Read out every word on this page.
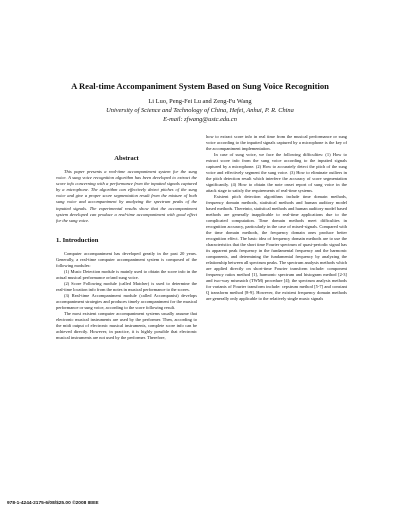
A Real-time Accompaniment System Based on Sung Voice Recognition
Li Luo, Peng-Fei Lu and Zeng-Fu Wang
University of Science and Technology of China, Hefei, Anhui, P. R. China
E-mail: zfwang@ustc.edu.cn
Abstract

This paper presents a real-time accompaniment system for the sung voice. A sung voice recognition algorithm has been developed to extract the score info concerning with a performance from the inputted signals captured by a microphone. The algorithm can effectively detect pitches of the sung voice and give a proper score segmentation result from the mixture of both sung voice and accompaniment by analyzing the spectrum peaks of the inputted signals. The experimental results show that the accompaniment system developed can produce a real-time accompaniment with good effect for the sung voice.

1. Introduction

Computer accompaniment has developed greatly in the past 20 years. Generally, a real-time computer accompaniment system is composed of the following modules:

(1) Music Detection module is mainly used to obtain the score info in the actual musical performance or/and sung voice.

(2) Score Following module (called Matcher) is used to determine the real-time location info from the notes in musical performance to the scores.

(3) Real-time Accompaniment module (called Accompanist) develops accompaniment strategies and produces timely accompaniment for the musical performance or sung voice, according to the score following result.

The most existent computer accompaniment systems usually assume that electronic musical instruments are used by the performer. Then, according to the midi output of electronic musical instruments, complete score info can be achieved directly. However, in practice, it is highly possible that electronic musical instruments are not used by the performer. Therefore,

how to extract score info in real time from the musical performance or sung voice according to the inputted signals captured by a microphone is the key of the accompaniment implementation.

In case of sung voice, we face the following difficulties: (1) How to extract score info from the sung voice according to the inputted signals captured by a microphone. (2) How to accurately detect the pitch of the sung voice and effectively segment the sung voice. (3) How to eliminate outliers in the pitch detection result which interfere the accuracy of score segmentation significantly. (4) How to obtain the note onset report of sung voice in the attack stage to satisfy the requirements of real-time systems.

Existent pitch detection algorithms include time domain methods, frequency domain methods, statistical methods and human auditory model based methods. Thereinto, statistical methods and human auditory model based methods are generally inapplicable to real-time applications due to the complicated computation. Time domain methods meet difficulties in recognition accuracy, particularly in the case of mixed-signals. Compared with the time domain methods, the frequency domain ones produce better recognition effect. The basic idea of frequency domain methods are to use the characteristics that the short time Fourier spectrum of quasi-periodic signal has its apparent peak frequency in the fundamental frequency and the harmonic components, and determining the fundamental frequency by analyzing the relationship between all spectrum peaks. The spectrum analysis methods which are applied directly on short-time Fourier transform include: component frequency ratios method [1], harmonic spectrum and histogram method [2-3] and two-way mismatch (TWM) procedure [4]; the spectrum analysis methods for variants of Fourier transform include: cepstrum method [5-7] and constant Q transform method [8-9]. However, the existent frequency domain methods are generally only applicable to the relatively single music signals

978-1-4244-2175-6/08/$25.00 ©2008 IEEE
